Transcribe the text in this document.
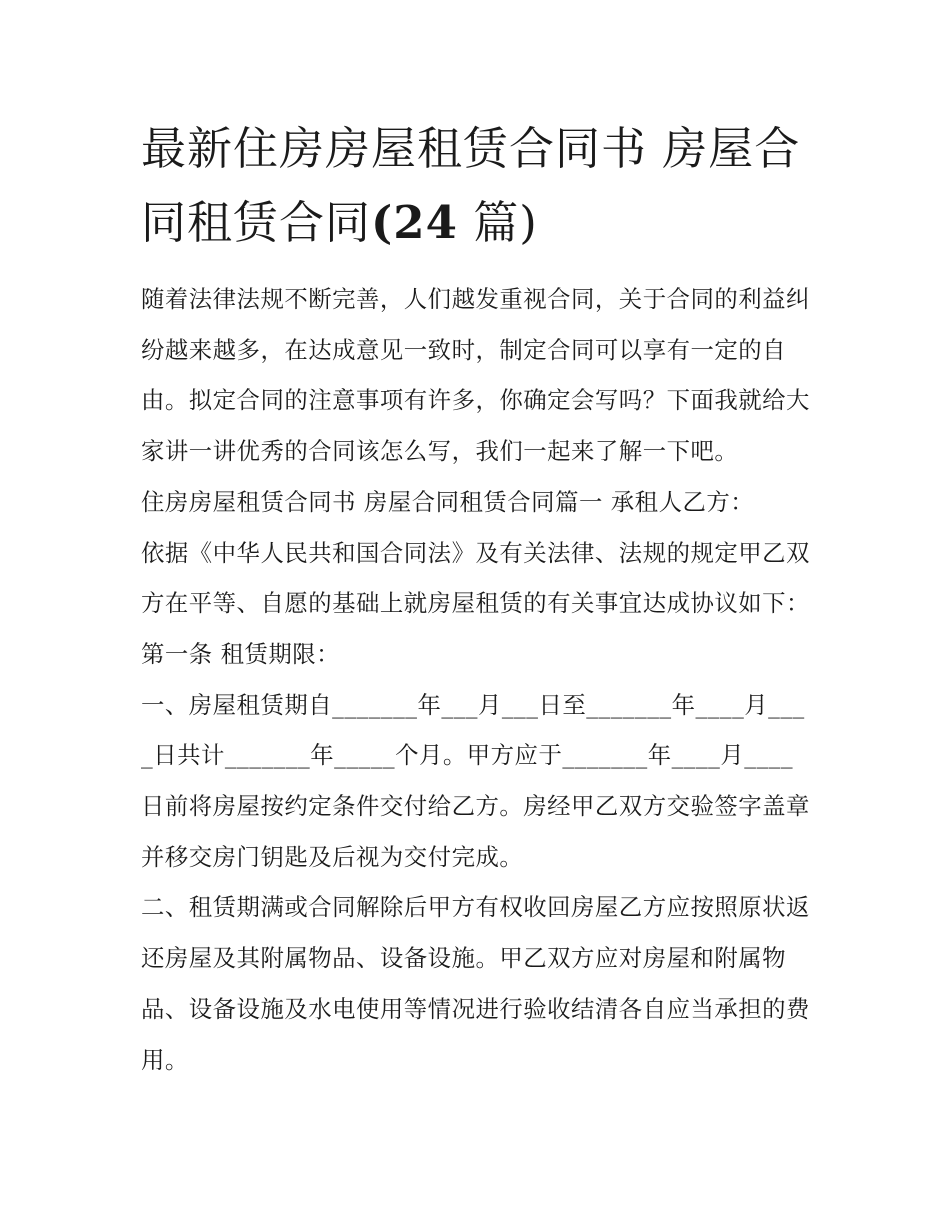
最新住房房屋租赁合同书 房屋合同租赁合同(24 篇)

随着法律法规不断完善，人们越发重视合同，关于合同的利益纠纷越来越多，在达成意见一致时，制定合同可以享有一定的自由。拟定合同的注意事项有许多，你确定会写吗？下面我就给大家讲一讲优秀的合同该怎么写，我们一起来了解一下吧。

住房房屋租赁合同书 房屋合同租赁合同篇一 承租人乙方：

依据《中华人民共和国合同法》及有关法律、法规的规定甲乙双方在平等、自愿的基础上就房屋租赁的有关事宜达成协议如下： 第一条 租赁期限：

一、房屋租赁期自_______年___月___日至_______年____月____日共计_______年_____个月。甲方应于_______年____月____日前将房屋按约定条件交付给乙方。房经甲乙双方交验签字盖章并移交房门钥匙及后视为交付完成。

二、租赁期满或合同解除后甲方有权收回房屋乙方应按照原状返还房屋及其附属物品、设备设施。甲乙双方应对房屋和附属物品、设备设施及水电使用等情况进行验收结清各自应当承担的费用。
